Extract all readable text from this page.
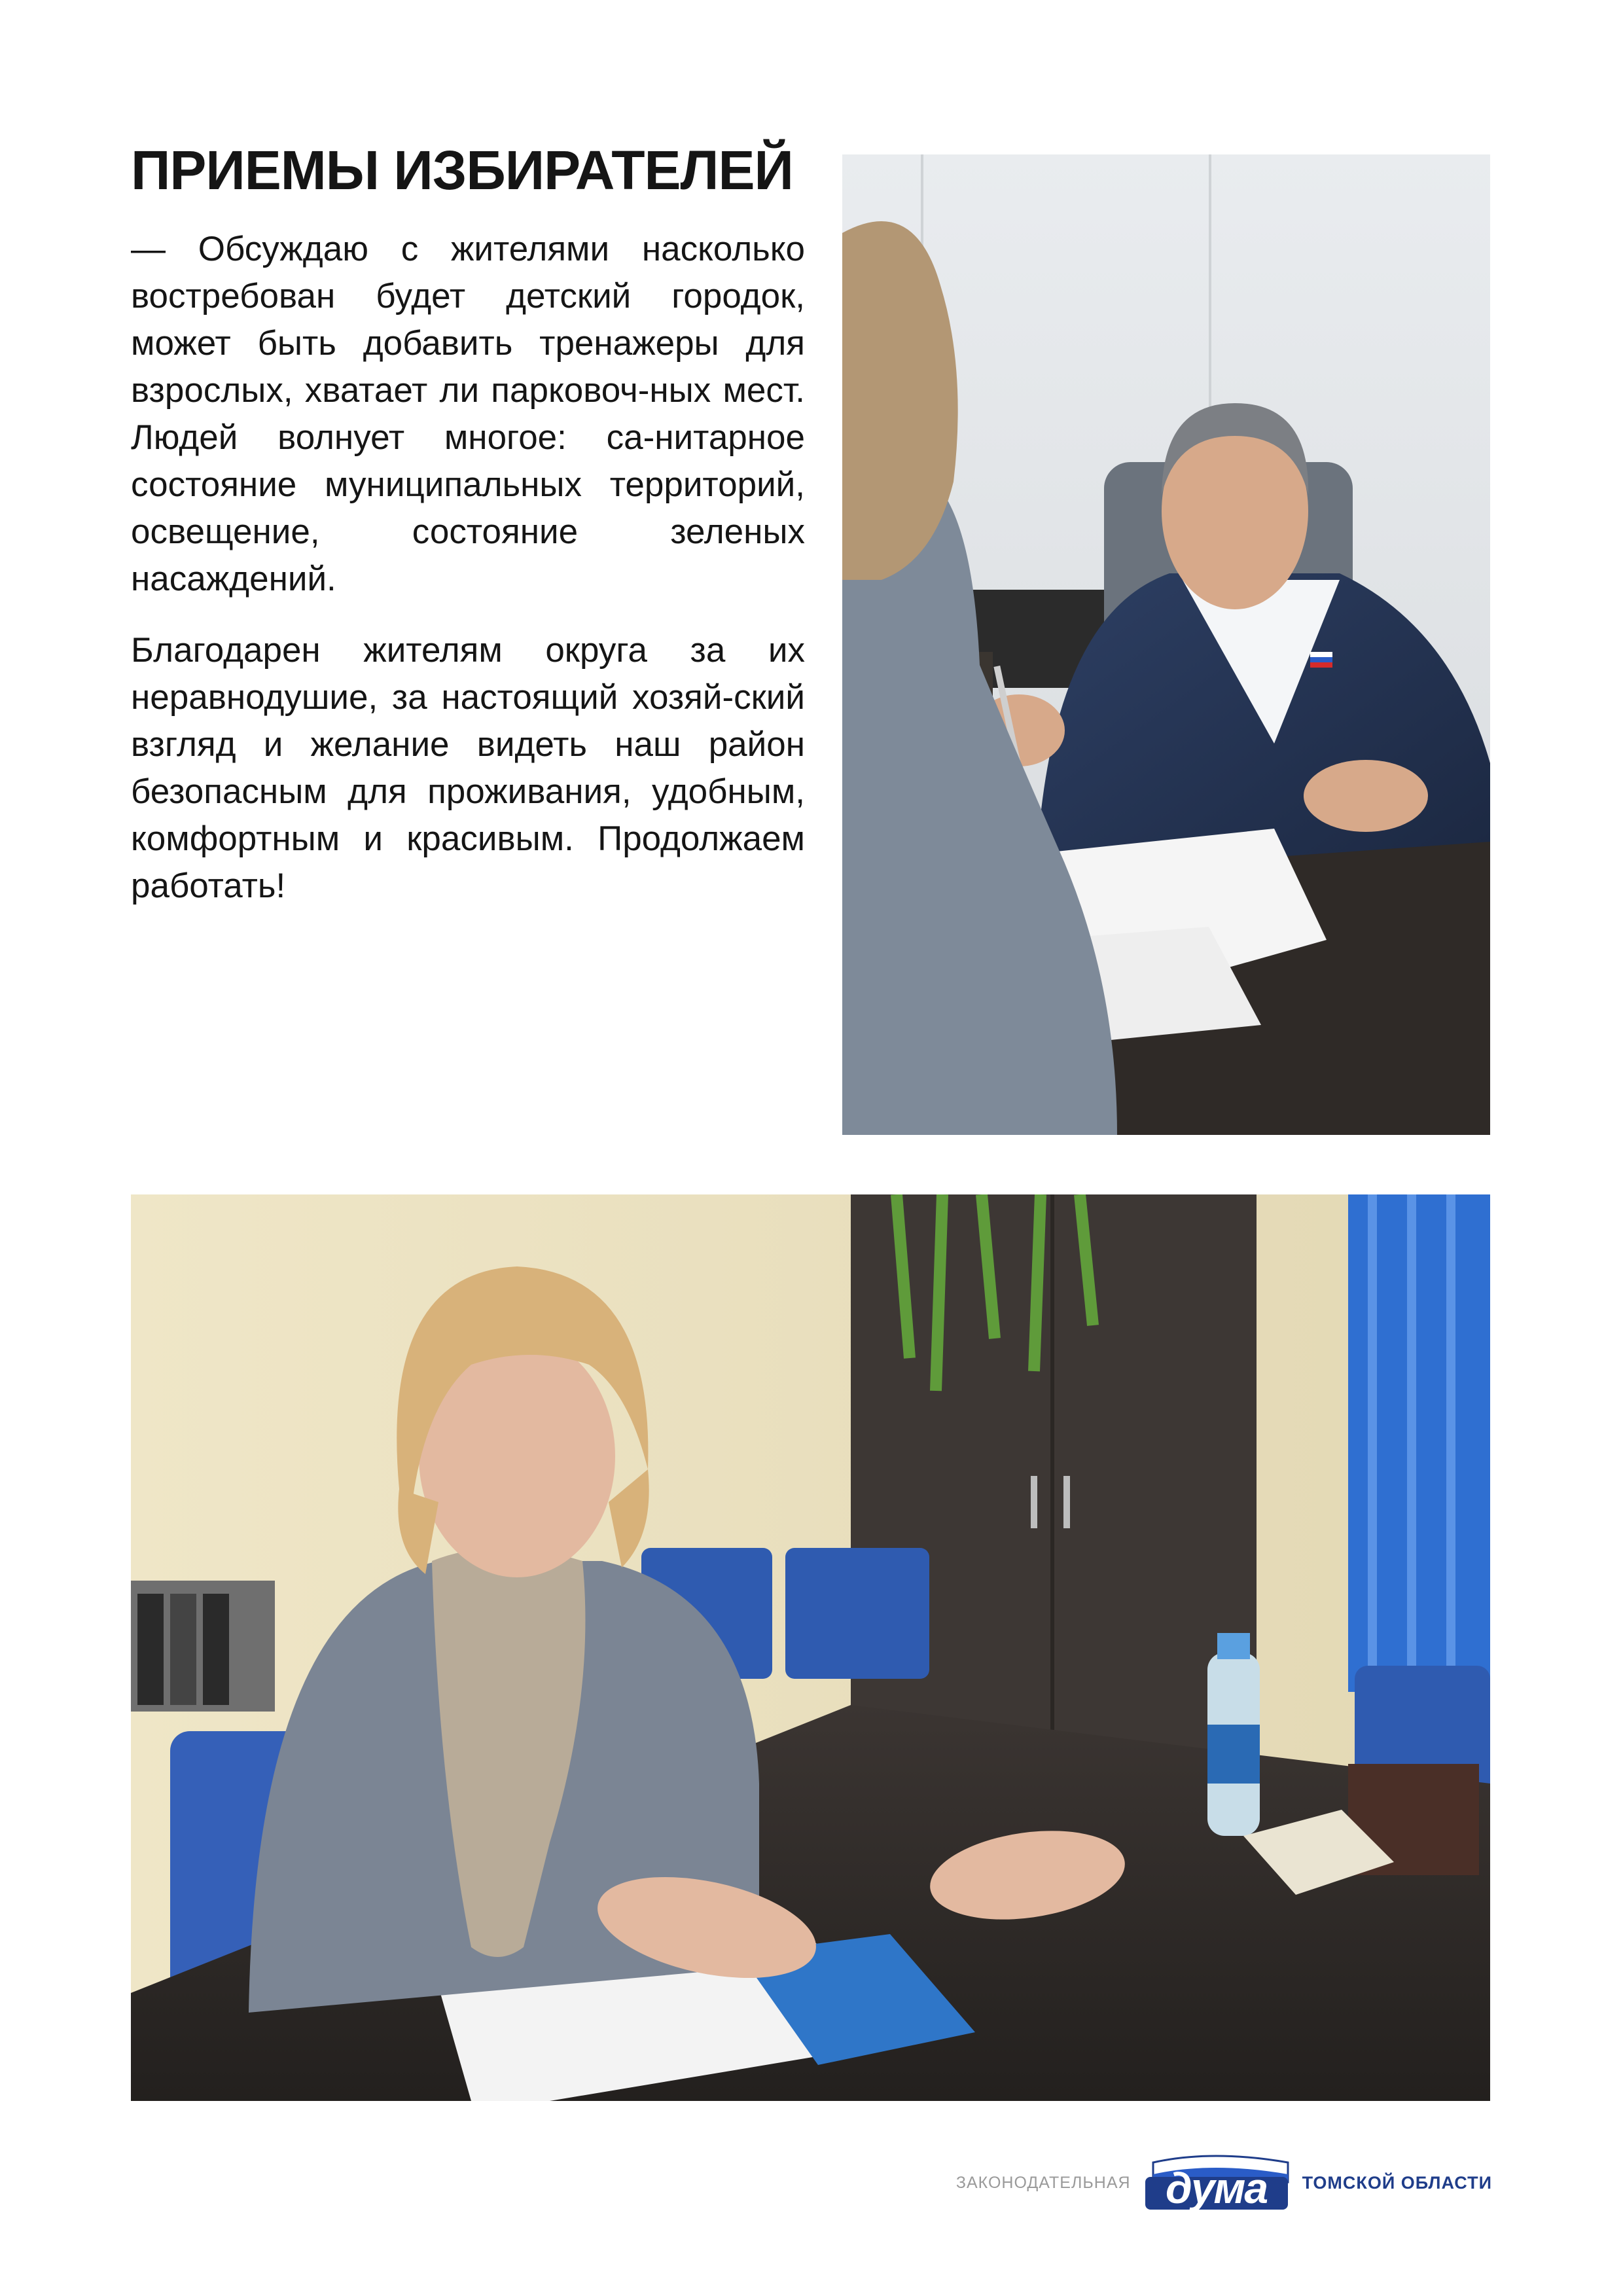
ПРИЕМЫ ИЗБИРАТЕЛЕЙ

— Обсуждаю с жителями насколько востребован будет детский городок, может быть добавить тренажеры для взрослых, хватает ли парковоч-ных мест. Людей волнует многое: са-нитарное состояние муниципальных территорий, освещение, состояние зеленых насаждений.

Благодарен жителям округа за их неравнодушие, за настоящий хозяй-ский взгляд и желание видеть наш район безопасным для проживания, удобным, комфортным и красивым. Продолжаем работать!

ЗАКОНОДАТЕЛЬНАЯ дума	ТОМСКОЙ ОБЛАСТИ
